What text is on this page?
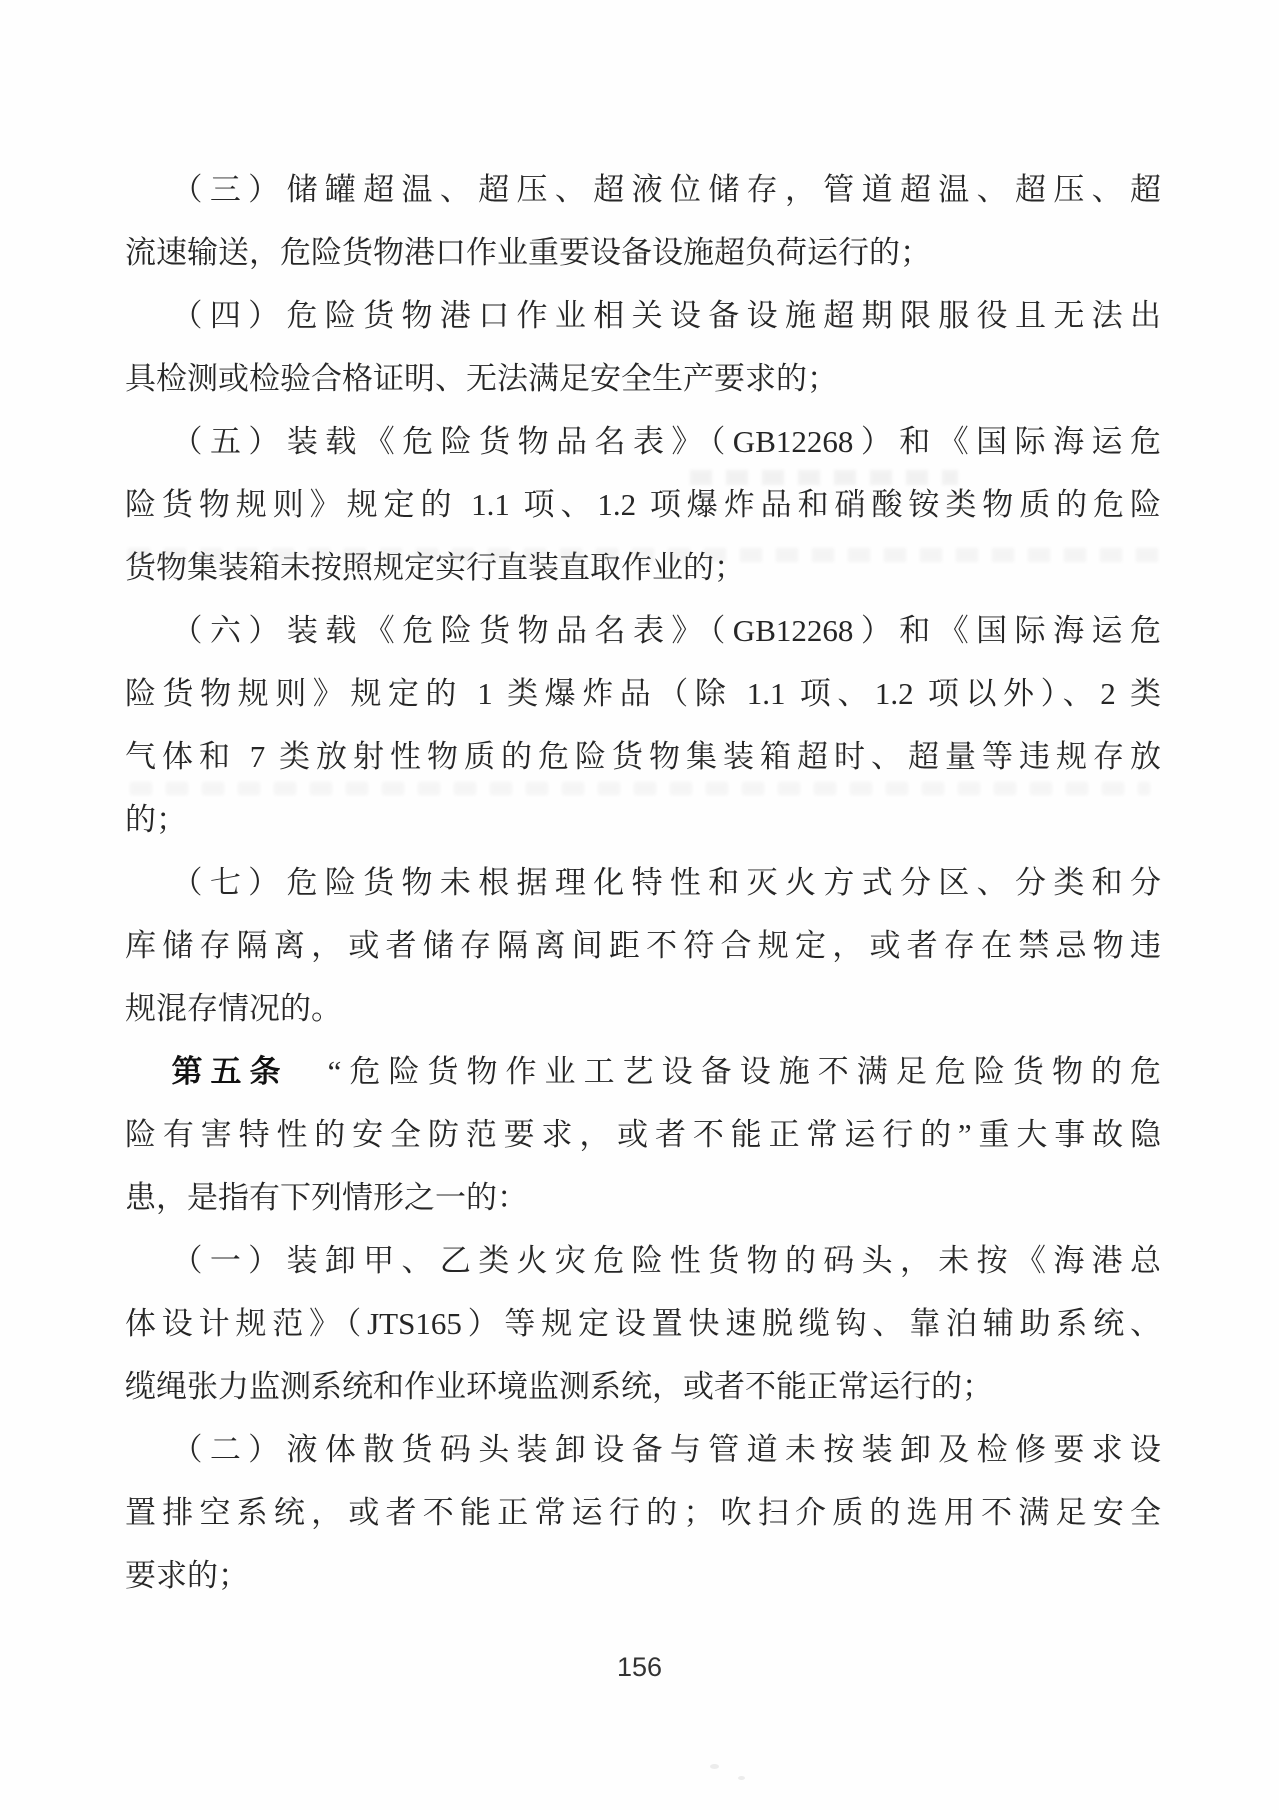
（三）储罐超温、超压、超液位储存，管道超温、超压、超
流速输送，危险货物港口作业重要设备设施超负荷运行的；
（四）危险货物港口作业相关设备设施超期限服役且无法出
具检测或检验合格证明、无法满足安全生产要求的；
（五）装载《危险货物品名表》（GB12268）和《国际海运危
险货物规则》规定的 1.1 项、1.2 项爆炸品和硝酸铵类物质的危险
货物集装箱未按照规定实行直装直取作业的；
（六）装载《危险货物品名表》（GB12268）和《国际海运危
险货物规则》规定的 1 类爆炸品（除 1.1 项、1.2 项以外）、2 类
气体和 7 类放射性物质的危险货物集装箱超时、超量等违规存放
的；
（七）危险货物未根据理化特性和灭火方式分区、分类和分
库储存隔离，或者储存隔离间距不符合规定，或者存在禁忌物违
规混存情况的。
第五条　“危险货物作业工艺设备设施不满足危险货物的危
险有害特性的安全防范要求，或者不能正常运行的”重大事故隐
患，是指有下列情形之一的：
（一）装卸甲、乙类火灾危险性货物的码头，未按《海港总
体设计规范》（JTS165）等规定设置快速脱缆钩、靠泊辅助系统、
缆绳张力监测系统和作业环境监测系统，或者不能正常运行的；
（二）液体散货码头装卸设备与管道未按装卸及检修要求设
置排空系统，或者不能正常运行的；吹扫介质的选用不满足安全
要求的；
156
